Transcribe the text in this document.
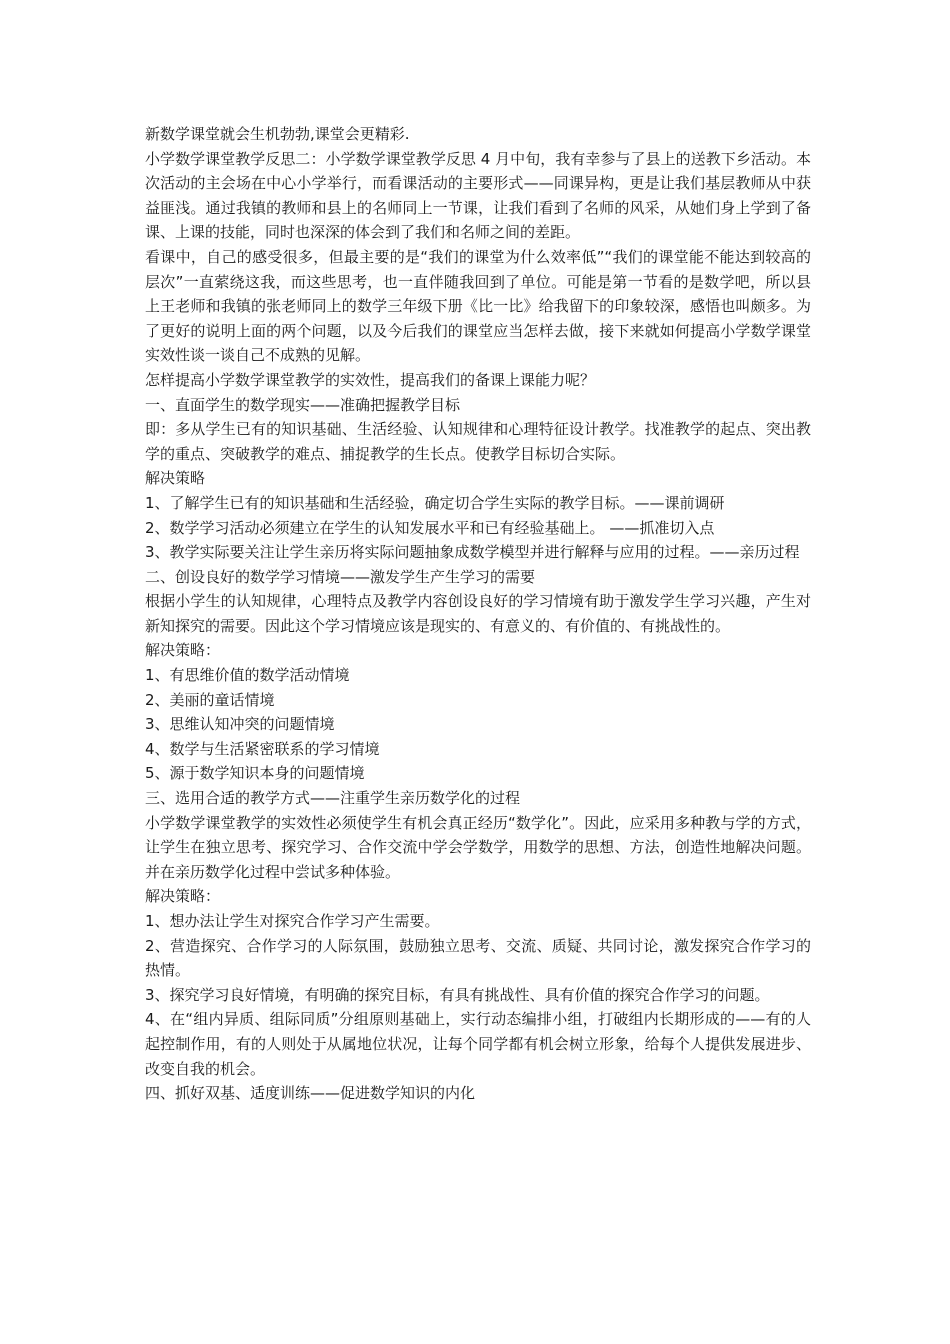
新数学课堂就会生机勃勃,课堂会更精彩.

小学数学课堂教学反思二：小学数学课堂教学反思 4 月中旬，我有幸参与了县上的送教下乡活动。本次活动的主会场在中心小学举行，而看课活动的主要形式——同课异构，更是让我们基层教师从中获益匪浅。通过我镇的教师和县上的名师同上一节课，让我们看到了名师的风采，从她们身上学到了备课、上课的技能，同时也深深的体会到了我们和名师之间的差距。

看课中，自己的感受很多，但最主要的是“我们的课堂为什么效率低”“我们的课堂能不能达到较高的层次”一直萦绕这我，而这些思考，也一直伴随我回到了单位。可能是第一节看的是数学吧，所以县上王老师和我镇的张老师同上的数学三年级下册《比一比》给我留下的印象较深，感悟也叫颇多。为了更好的说明上面的两个问题，以及今后我们的课堂应当怎样去做，接下来就如何提高小学数学课堂实效性谈一谈自己不成熟的见解。

怎样提高小学数学课堂教学的实效性，提高我们的备课上课能力呢？

一、直面学生的数学现实——准确把握教学目标

即：多从学生已有的知识基础、生活经验、认知规律和心理特征设计教学。找准教学的起点、突出教学的重点、突破教学的难点、捕捉教学的生长点。使教学目标切合实际。

解决策略

1、了解学生已有的知识基础和生活经验，确定切合学生实际的教学目标。——课前调研

2、数学学习活动必须建立在学生的认知发展水平和已有经验基础上。 ——抓准切入点

3、教学实际要关注让学生亲历将实际问题抽象成数学模型并进行解释与应用的过程。——亲历过程

二、创设良好的数学学习情境——激发学生产生学习的需要

根据小学生的认知规律，心理特点及教学内容创设良好的学习情境有助于激发学生学习兴趣，产生对新知探究的需要。因此这个学习情境应该是现实的、有意义的、有价值的、有挑战性的。

解决策略：

1、有思维价值的数学活动情境

2、美丽的童话情境

3、思维认知冲突的问题情境

4、数学与生活紧密联系的学习情境

5、源于数学知识本身的问题情境

三、选用合适的教学方式——注重学生亲历数学化的过程

小学数学课堂教学的实效性必须使学生有机会真正经历“数学化”。因此，应采用多种教与学的方式，让学生在独立思考、探究学习、合作交流中学会学数学，用数学的思想、方法，创造性地解决问题。并在亲历数学化过程中尝试多种体验。

解决策略：

1、想办法让学生对探究合作学习产生需要。

2、营造探究、合作学习的人际氛围，鼓励独立思考、交流、质疑、共同讨论，激发探究合作学习的热情。

3、探究学习良好情境，有明确的探究目标，有具有挑战性、具有价值的探究合作学习的问题。

4、在“组内异质、组际同质”分组原则基础上，实行动态编排小组，打破组内长期形成的——有的人起控制作用，有的人则处于从属地位状况，让每个同学都有机会树立形象，给每个人提供发展进步、改变自我的机会。

四、抓好双基、适度训练——促进数学知识的内化
